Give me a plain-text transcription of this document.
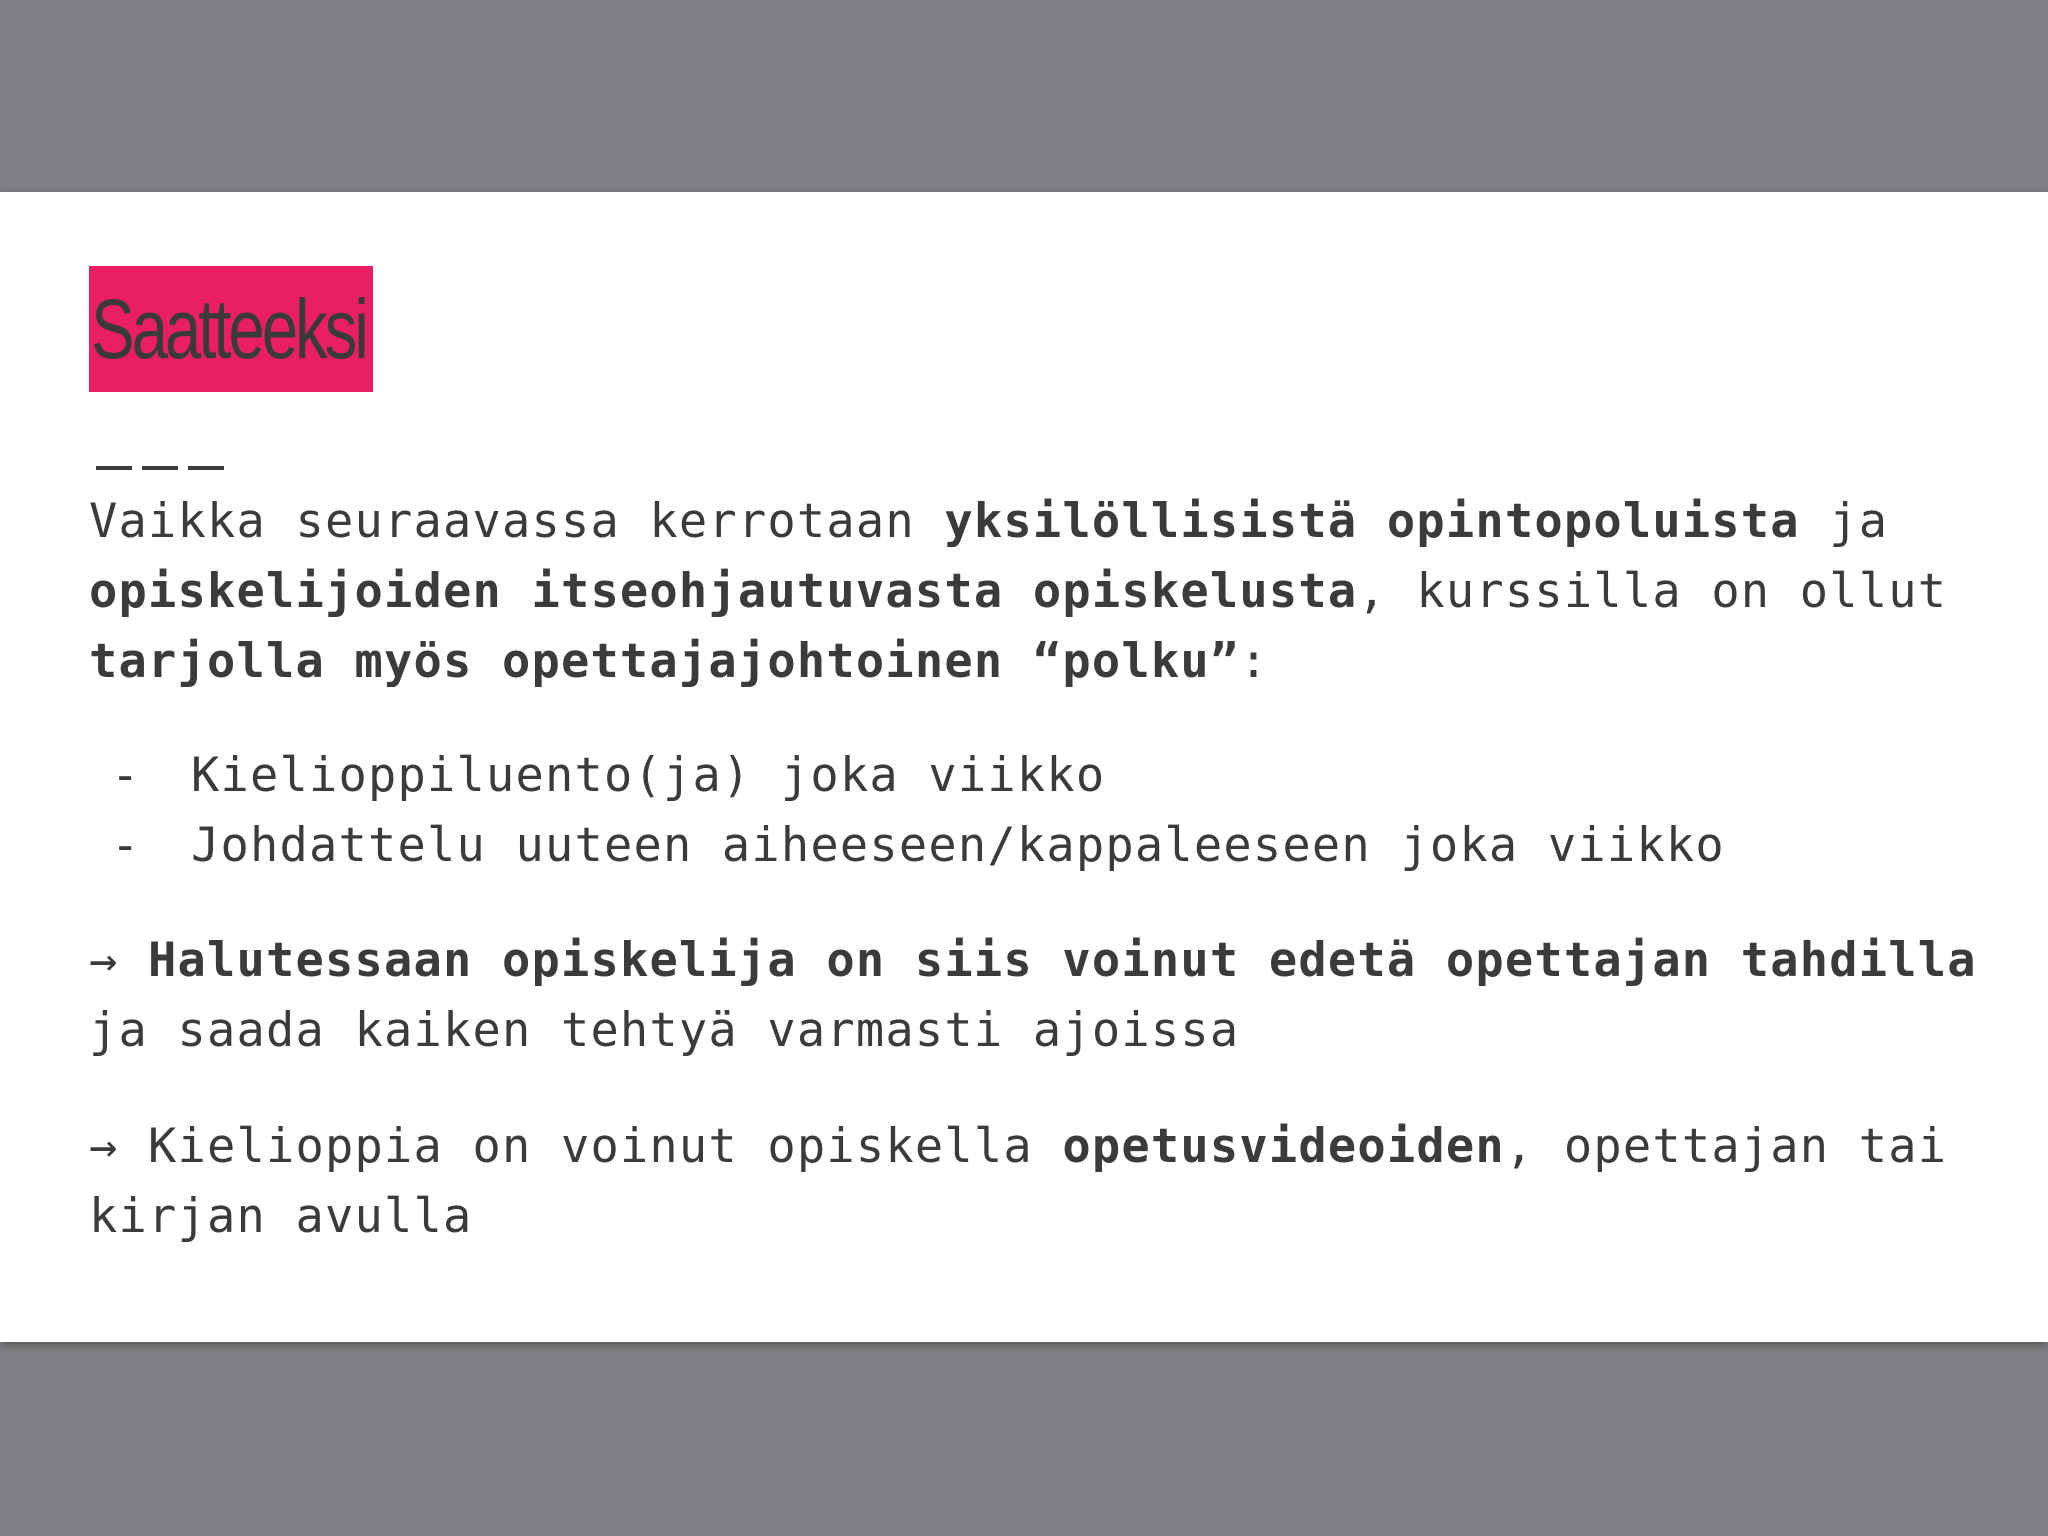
Saatteeksi

Vaikka seuraavassa kerrotaan yksilöllisistä opintopoluista ja opiskelijoiden itseohjautuvasta opiskelusta, kurssilla on ollut tarjolla myös opettajajohtoinen “polku”:

-	Kielioppiluento(ja) joka viikko
-	Johdattelu uuteen aiheeseen/kappaleeseen joka viikko

→ Halutessaan opiskelija on siis voinut edetä opettajan tahdilla ja saada kaiken tehtyä varmasti ajoissa

→ Kielioppia on voinut opiskella opetusvideoiden, opettajan tai kirjan avulla
